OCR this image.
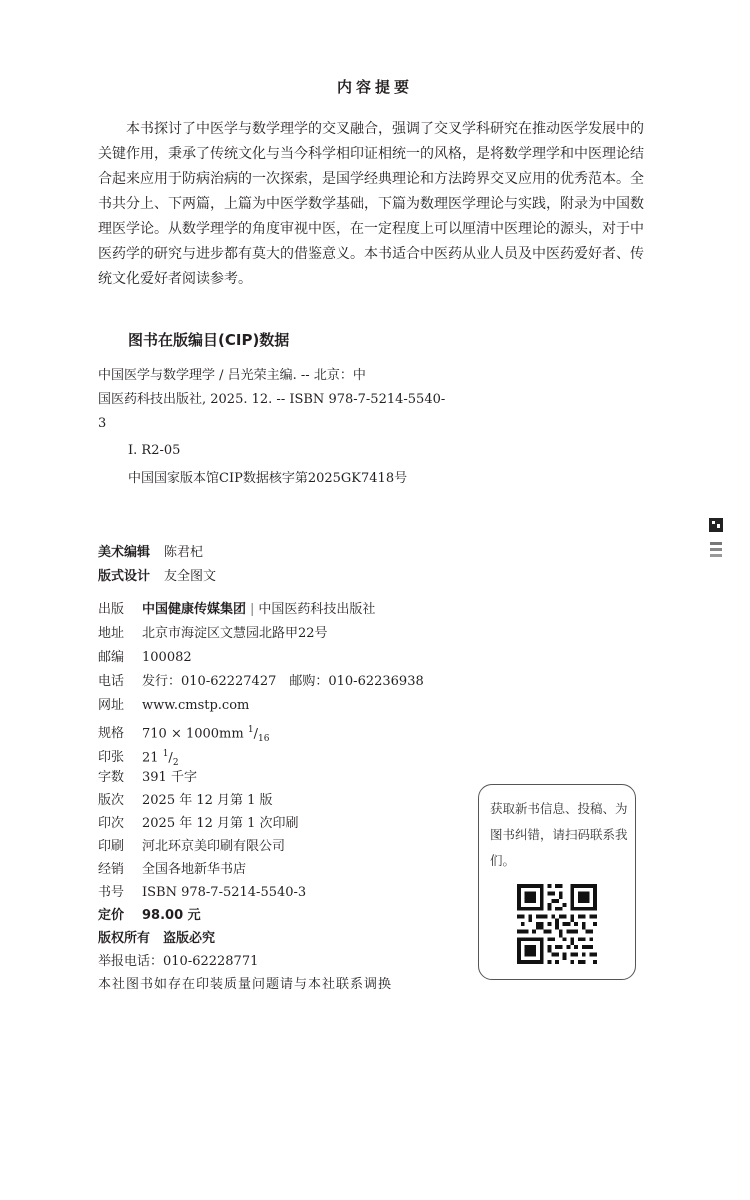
内容提要

本书探讨了中医学与数学理学的交叉融合，强调了交叉学科研究在推动医学发展中的关键作用，秉承了传统文化与当今科学相印证相统一的风格，是将数学理学和中医理论结合起来应用于防病治病的一次探索，是国学经典理论和方法跨界交叉应用的优秀范本。全书共分上、下两篇，上篇为中医学数学基础，下篇为数理医学理论与实践，附录为中国数理医学论。从数学理学的角度审视中医，在一定程度上可以厘清中医理论的源头，对于中医药学的研究与进步都有莫大的借鉴意义。本书适合中医药从业人员及中医药爱好者、传统文化爱好者阅读参考。

图书在版编目(CIP)数据
中国医学与数学理学 / 吕光荣主编. -- 北京：中
国医药科技出版社, 2025. 12. -- ISBN 978-7-5214-5540-
3
Ⅰ. R2-05
中国国家版本馆CIP数据核字第2025GK7418号
美术编辑 陈君杞
版式设计 友全图文
出版 中国健康传媒集团 | 中国医药科技出版社
地址 北京市海淀区文慧园北路甲22号
邮编 100082
电话 发行：010-62227427　邮购：010-62236938
网址 www.cmstp.com
规格 710 × 1000mm $^1/_{16}$
印张 21 $^1/_2$
字数 391 千字
版次 2025 年 12 月第 1 版
印次 2025 年 12 月第 1 次印刷
印刷 河北环京美印刷有限公司
经销 全国各地新华书店
书号 ISBN 978-7-5214-5540-3
定价 98.00 元
版权所有　盗版必究
举报电话：010-62228771
本社图书如存在印装质量问题请与本社联系调换
获取新书信息、投稿、为图书纠错，请扫码联系我们。
